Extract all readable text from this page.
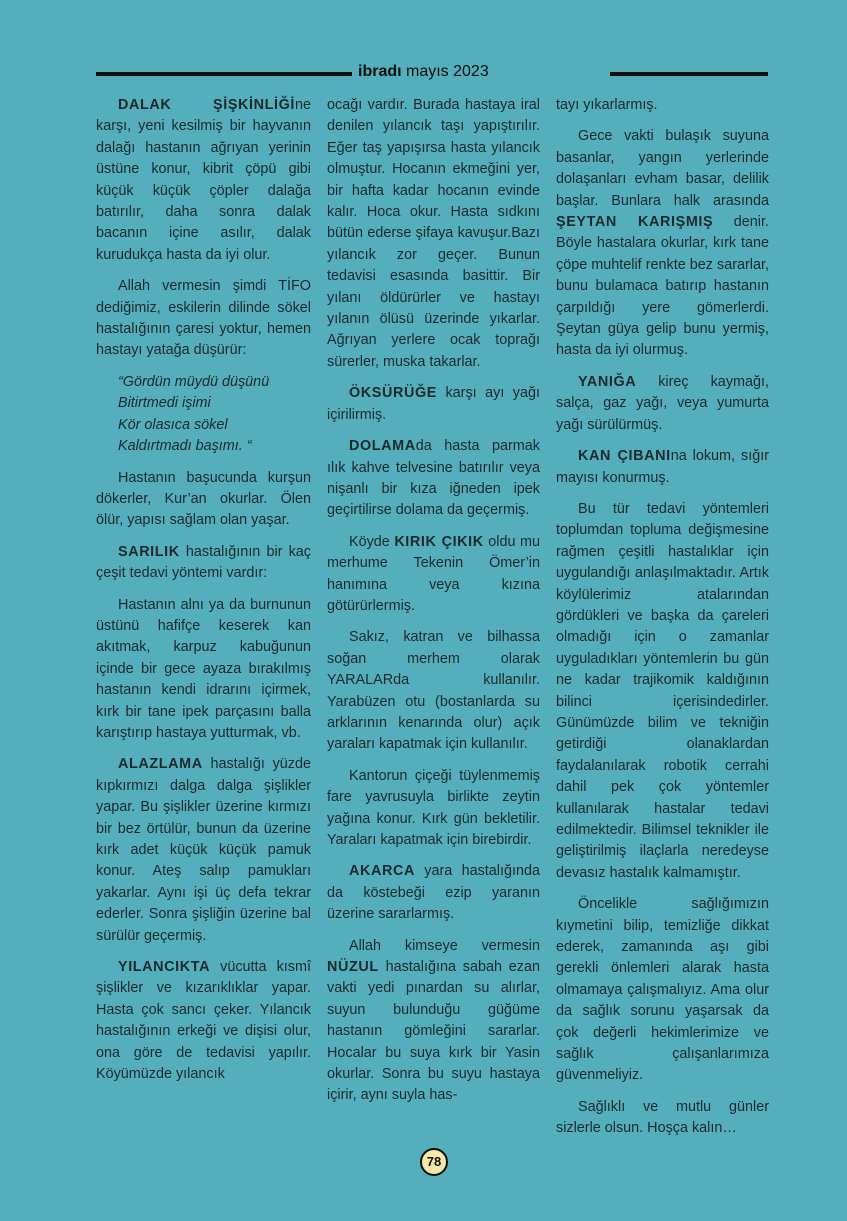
ibradı mayıs 2023

DALAK ŞİŞKİNLİĞİne karşı, yeni kesilmiş bir hayvanın dalağı hastanın ağrıyan yerinin üstüne konur, kibrit çöpü gibi küçük küçük çöpler dalağa batırılır, daha sonra dalak bacanın içine asılır, dalak kurudukça hasta da iyi olur.

Allah vermesin şimdi TİFO dediğimiz, eskilerin dilinde sökel hastalığının çaresi yoktur, hemen hastayı yatağa düşürür:

“Gördün müydü düşünü
Bitirtmedi işimi
Kör olasıca sökel
Kaldırtmadı başımı. “

Hastanın başucunda kurşun dökerler, Kur’an okurlar. Ölen ölür, yapısı sağlam olan yaşar.

SARILIK hastalığının bir kaç çeşit tedavi yöntemi vardır:

Hastanın alnı ya da burnunun üstünü hafifçe keserek kan akıtmak, karpuz kabuğunun içinde bir gece ayaza bırakılmış hastanın kendi idrarını içirmek, kırk bir tane ipek parçasını balla karıştırıp hastaya yutturmak, vb.

ALAZLAMA hastalığı yüzde kıpkırmızı dalga dalga şişlikler yapar. Bu şişlikler üzerine kırmızı bir bez örtülür, bunun da üzerine kırk adet küçük küçük pamuk konur. Ateş salıp pamukları yakarlar. Aynı işi üç defa tekrar ederler. Sonra şişliğin üzerine bal sürülür geçermiş.

YILANCIKTA vücutta kısmî şişlikler ve kızarıklıklar yapar. Hasta çok sancı çeker. Yılancık hastalığının erkeği ve dişisi olur, ona göre de tedavisi yapılır. Köyümüzde yılancık

ocağı vardır. Burada hastaya iral denilen yılancık taşı yapıştırılır. Eğer taş yapışırsa hasta yılancık olmuştur. Hocanın ekmeğini yer, bir hafta kadar hocanın evinde kalır. Hoca okur. Hasta sıdkını bütün ederse şifaya kavuşur.Bazı yılancık zor geçer. Bunun tedavisi esasında basittir. Bir yılanı öldürürler ve hastayı yılanın ölüsü üzerinde yıkarlar. Ağrıyan yerlere ocak toprağı sürerler, muska takarlar.

ÖKSÜRÜĞE karşı ayı yağı içirilirmiş.

DOLAMAda hasta parmak ılık kahve telvesine batırılır veya nişanlı bir kıza iğneden ipek geçirtilirse dolama da geçermiş.

Köyde KIRIK ÇIKIK oldu mu merhume Tekenin Ömer’in hanımına veya kızına götürürlermiş.

Sakız, katran ve bilhassa soğan merhem olarak YARALARda kullanılır. Yarabüzen otu (bostanlarda su arklarının kenarında olur) açık yaraları kapatmak için kullanılır.

Kantorun çiçeği tüylenmemiş fare yavrusuyla birlikte zeytin yağına konur. Kırk gün bekletilir. Yaraları kapatmak için birebirdir.

AKARCA yara hastalığında da köstebeği ezip yaranın üzerine sararlarmış.

Allah kimseye vermesin NÜZUL hastalığına sabah ezan vakti yedi pınardan su alırlar, suyun bulunduğu güğüme hastanın gömleğini sararlar. Hocalar bu suya kırk bir Yasin okurlar. Sonra bu suyu hastaya içirir, aynı suyla has-

tayı yıkarlarmış.

Gece vakti bulaşık suyuna basanlar, yangın yerlerinde dolaşanları evham basar, delilik başlar. Bunlara halk arasında ŞEYTAN KARIŞMIŞ denir. Böyle hastalara okurlar, kırk tane çöpe muhtelif renkte bez sararlar, bunu bulamaca batırıp hastanın çarpıldığı yere gömerlerdi. Şeytan güya gelip bunu yermiş, hasta da iyi olurmuş.

YANIĞA kireç kaymağı, salça, gaz yağı, veya yumurta yağı sürülürmüş.

KAN ÇIBANIna lokum, sığır mayısı konurmuş.

Bu tür tedavi yöntemleri toplumdan topluma değişmesine rağmen çeşitli hastalıklar için uygulandığı anlaşılmaktadır. Artık köylülerimiz atalarından gördükleri ve başka da çareleri olmadığı için o zamanlar uyguladıkları yöntemlerin bu gün ne kadar trajikomik kaldığının bilinci içerisindedirler. Günümüzde bilim ve tekniğin getirdiği olanaklardan faydalanılarak robotik cerrahi dahil pek çok yöntemler kullanılarak hastalar tedavi edilmektedir. Bilimsel teknikler ile geliştirilmiş ilaçlarla neredeyse devasız hastalık kalmamıştır.

Öncelikle sağlığımızın kıymetini bilip, temizliğe dikkat ederek, zamanında aşı gibi gerekli önlemleri alarak hasta olmamaya çalışmalıyız. Ama olur da sağlık sorunu yaşarsak da çok değerli hekimlerimize ve sağlık çalışanlarımıza güvenmeliyiz.

Sağlıklı ve mutlu günler sizlerle olsun. Hoşça kalın…

78
